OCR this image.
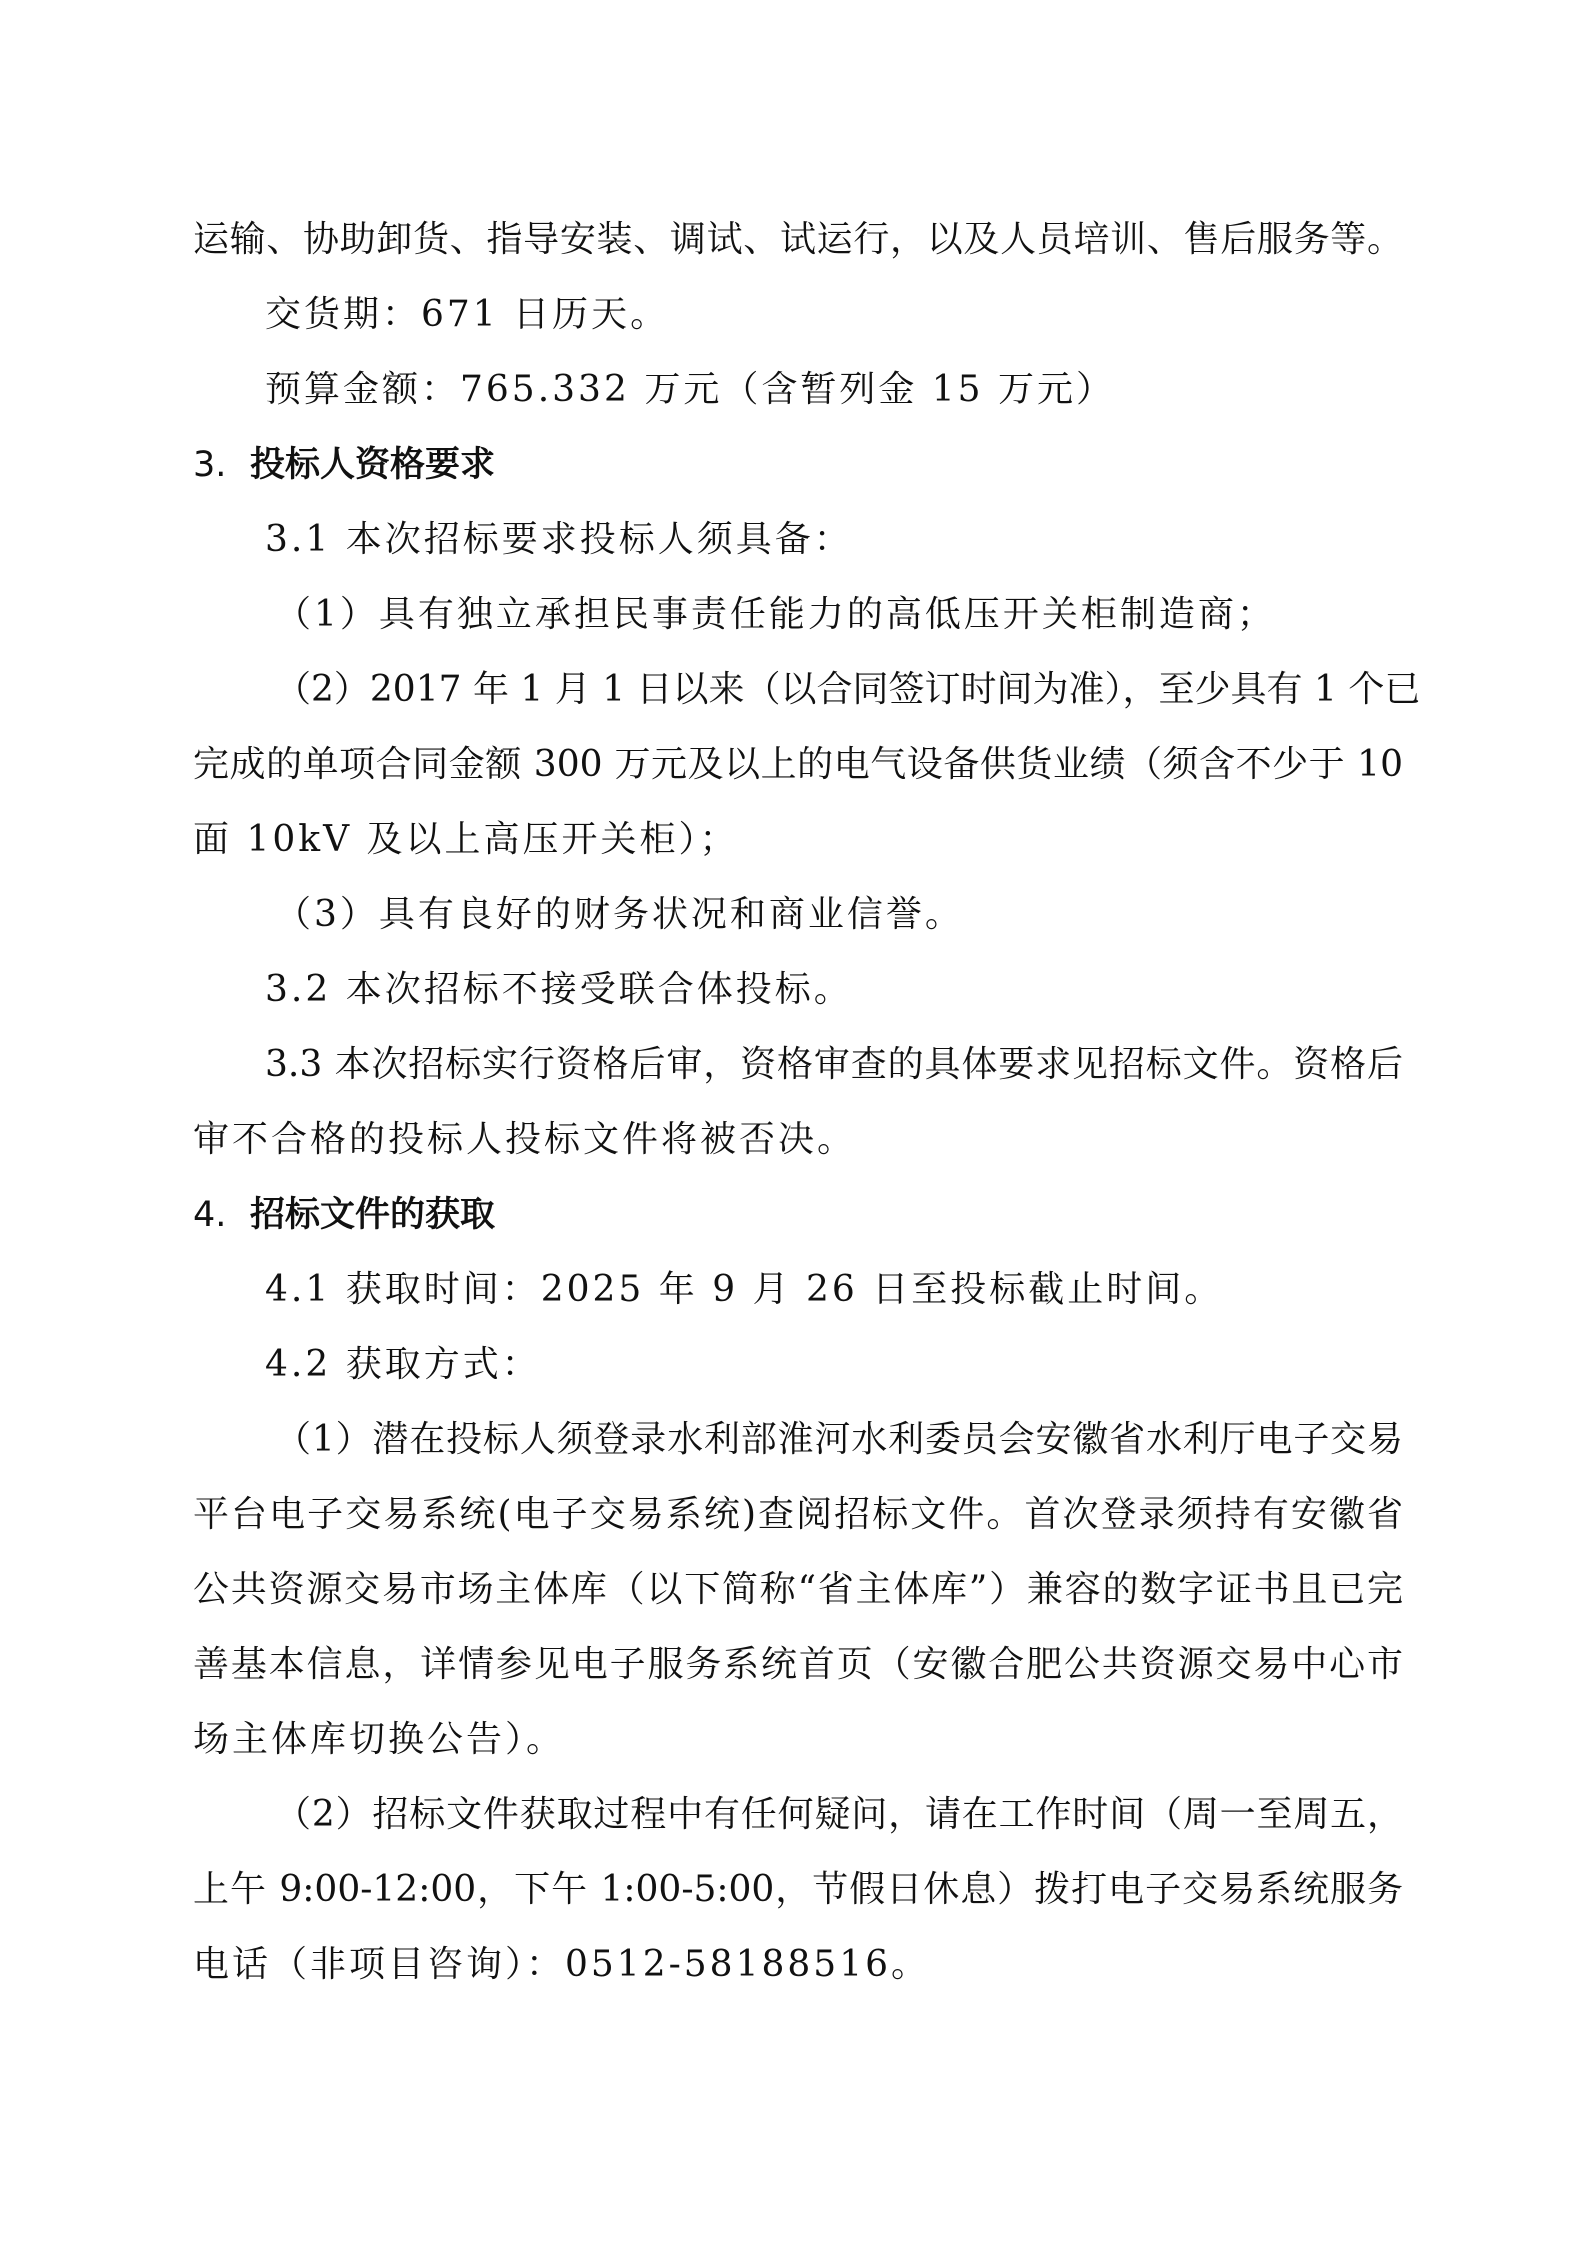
运输、协助卸货、指导安装、调试、试运行，以及人员培训、售后服务等。
交货期：671 日历天。
预算金额：765.332 万元（含暂列金 15 万元）
3. 投标人资格要求
3.1 本次招标要求投标人须具备：
（1）具有独立承担民事责任能力的高低压开关柜制造商；
（2）2017 年 1 月 1 日以来（以合同签订时间为准），至少具有 1 个已
完成的单项合同金额 300 万元及以上的电气设备供货业绩（须含不少于 10
面 10kV 及以上高压开关柜）；
（3）具有良好的财务状况和商业信誉。
3.2 本次招标不接受联合体投标。
3.3 本次招标实行资格后审，资格审查的具体要求见招标文件。资格后
审不合格的投标人投标文件将被否决。
4. 招标文件的获取
4.1 获取时间：2025 年 9 月 26 日至投标截止时间。
4.2 获取方式：
（1）潜在投标人须登录水利部淮河水利委员会安徽省水利厅电子交易
平台电子交易系统(电子交易系统)查阅招标文件。首次登录须持有安徽省
公共资源交易市场主体库（以下简称“省主体库”）兼容的数字证书且已完
善基本信息，详情参见电子服务系统首页（安徽合肥公共资源交易中心市
场主体库切换公告）。
（2）招标文件获取过程中有任何疑问，请在工作时间（周一至周五，
上午 9:00-12:00，下午 1:00-5:00，节假日休息）拨打电子交易系统服务
电话（非项目咨询）：0512-58188516。
